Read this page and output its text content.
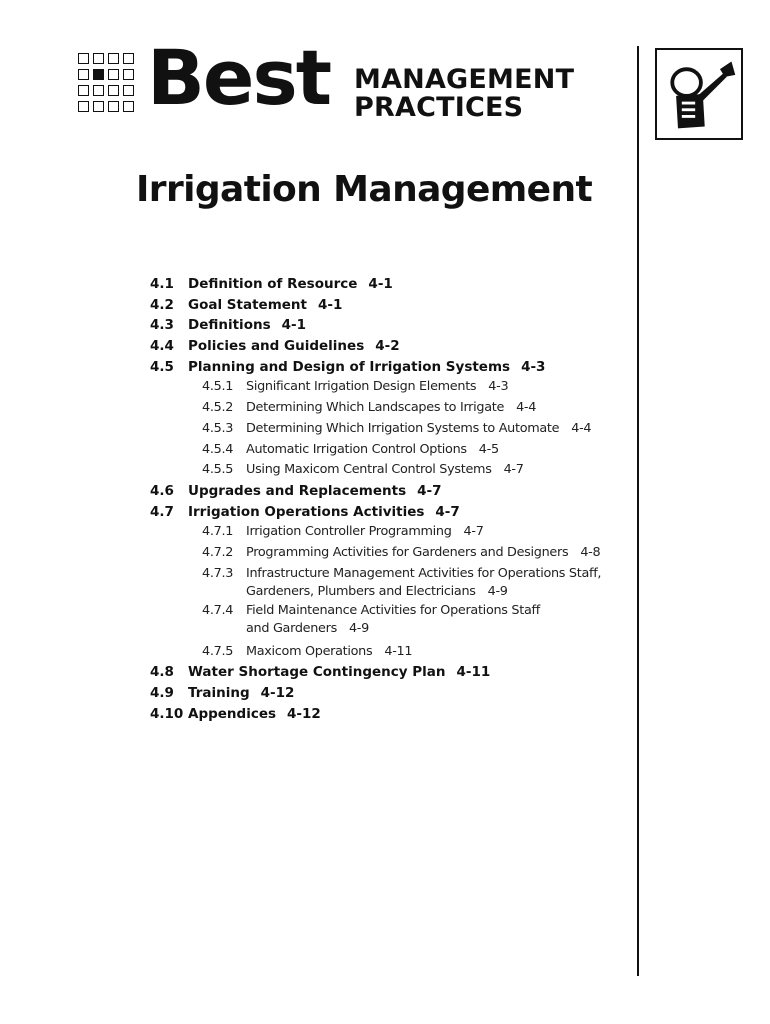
Best MANAGEMENT
PRACTICES
Irrigation Management
4.1	Definition of Resource 4-1
4.2	Goal Statement 4-1
4.3	Definitions 4-1
4.4	Policies and Guidelines 4-2
4.5	Planning and Design of Irrigation Systems 4-3
4.5.1	Significant Irrigation Design Elements 4-3
4.5.2	Determining Which Landscapes to Irrigate 4-4
4.5.3	Determining Which Irrigation Systems to Automate 4-4
4.5.4	Automatic Irrigation Control Options 4-5
4.5.5	Using Maxicom Central Control Systems 4-7
4.6	Upgrades and Replacements 4-7
4.7	Irrigation Operations Activities 4-7
4.7.1	Irrigation Controller Programming 4-7
4.7.2	Programming Activities for Gardeners and Designers 4-8
4.7.3	Infrastructure Management Activities for Operations Staff,
Gardeners, Plumbers and Electricians 4-9
4.7.4	Field Maintenance Activities for Operations Staff
and Gardeners 4-9
4.7.5	Maxicom Operations 4-11
4.8	Water Shortage Contingency Plan 4-11
4.9	Training 4-12
4.10 Appendices 4-12
